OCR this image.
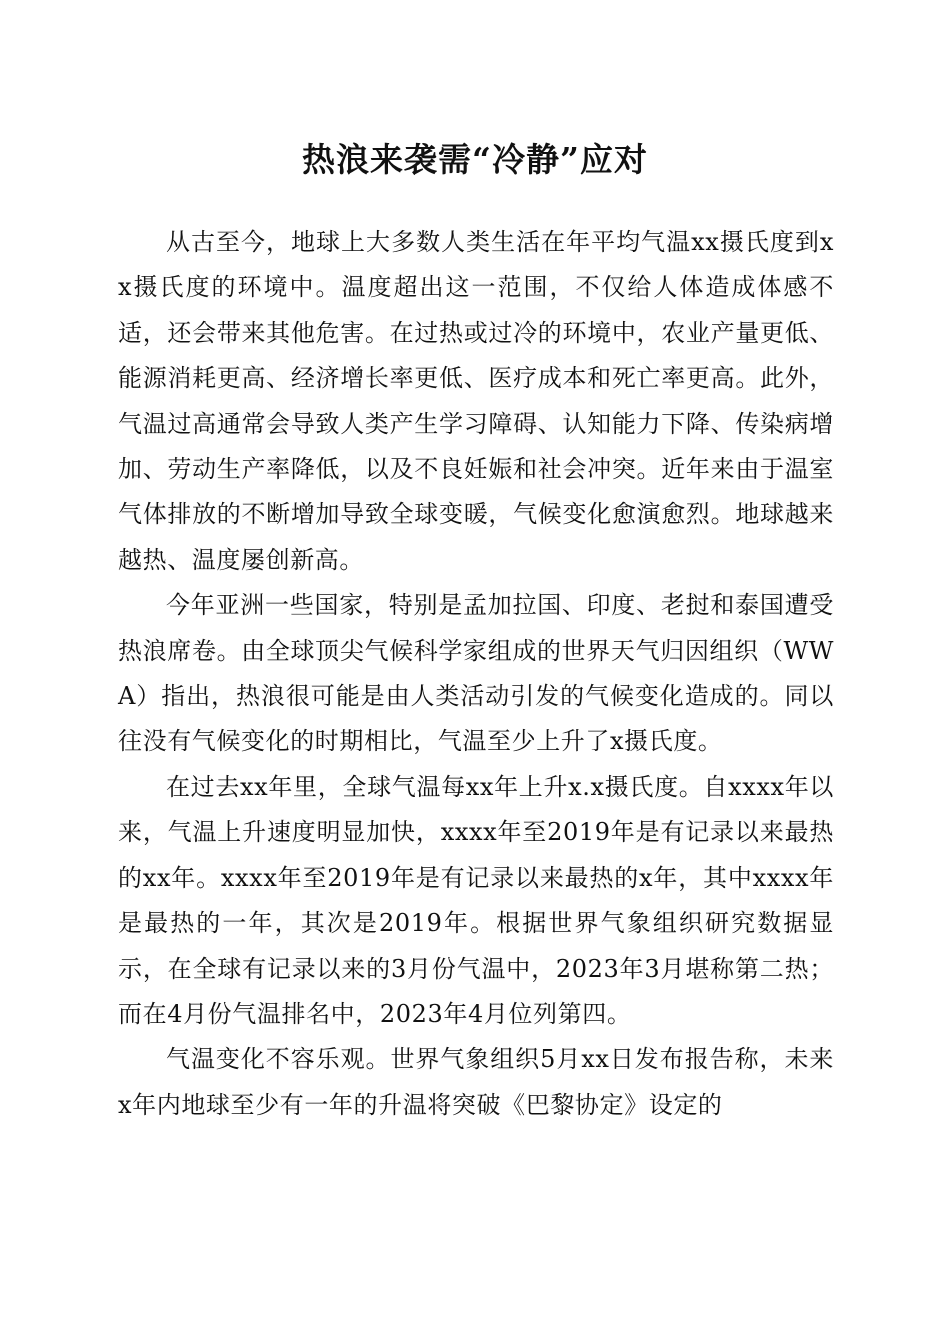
热浪来袭需“冷静”应对

从古至今，地球上大多数人类生活在年平均气温xx摄氏度到xx摄氏度的环境中。温度超出这一范围，不仅给人体造成体感不适，还会带来其他危害。在过热或过冷的环境中，农业产量更低、能源消耗更高、经济增长率更低、医疗成本和死亡率更高。此外，气温过高通常会导致人类产生学习障碍、认知能力下降、传染病增加、劳动生产率降低，以及不良妊娠和社会冲突。近年来由于温室气体排放的不断增加导致全球变暖，气候变化愈演愈烈。地球越来越热、温度屡创新高。

今年亚洲一些国家，特别是孟加拉国、印度、老挝和泰国遭受热浪席卷。由全球顶尖气候科学家组成的世界天气归因组织（WWA）指出，热浪很可能是由人类活动引发的气候变化造成的。同以往没有气候变化的时期相比，气温至少上升了x摄氏度。

在过去xx年里，全球气温每xx年上升x.x摄氏度。自xxxx年以来，气温上升速度明显加快，xxxx年至2019年是有记录以来最热的xx年。xxxx年至2019年是有记录以来最热的x年，其中xxxx年是最热的一年，其次是2019年。根据世界气象组织研究数据显示，在全球有记录以来的3月份气温中，2023年3月堪称第二热；而在4月份气温排名中，2023年4月位列第四。

气温变化不容乐观。世界气象组织5月xx日发布报告称，未来x年内地球至少有一年的升温将突破《巴黎协定》设定的
